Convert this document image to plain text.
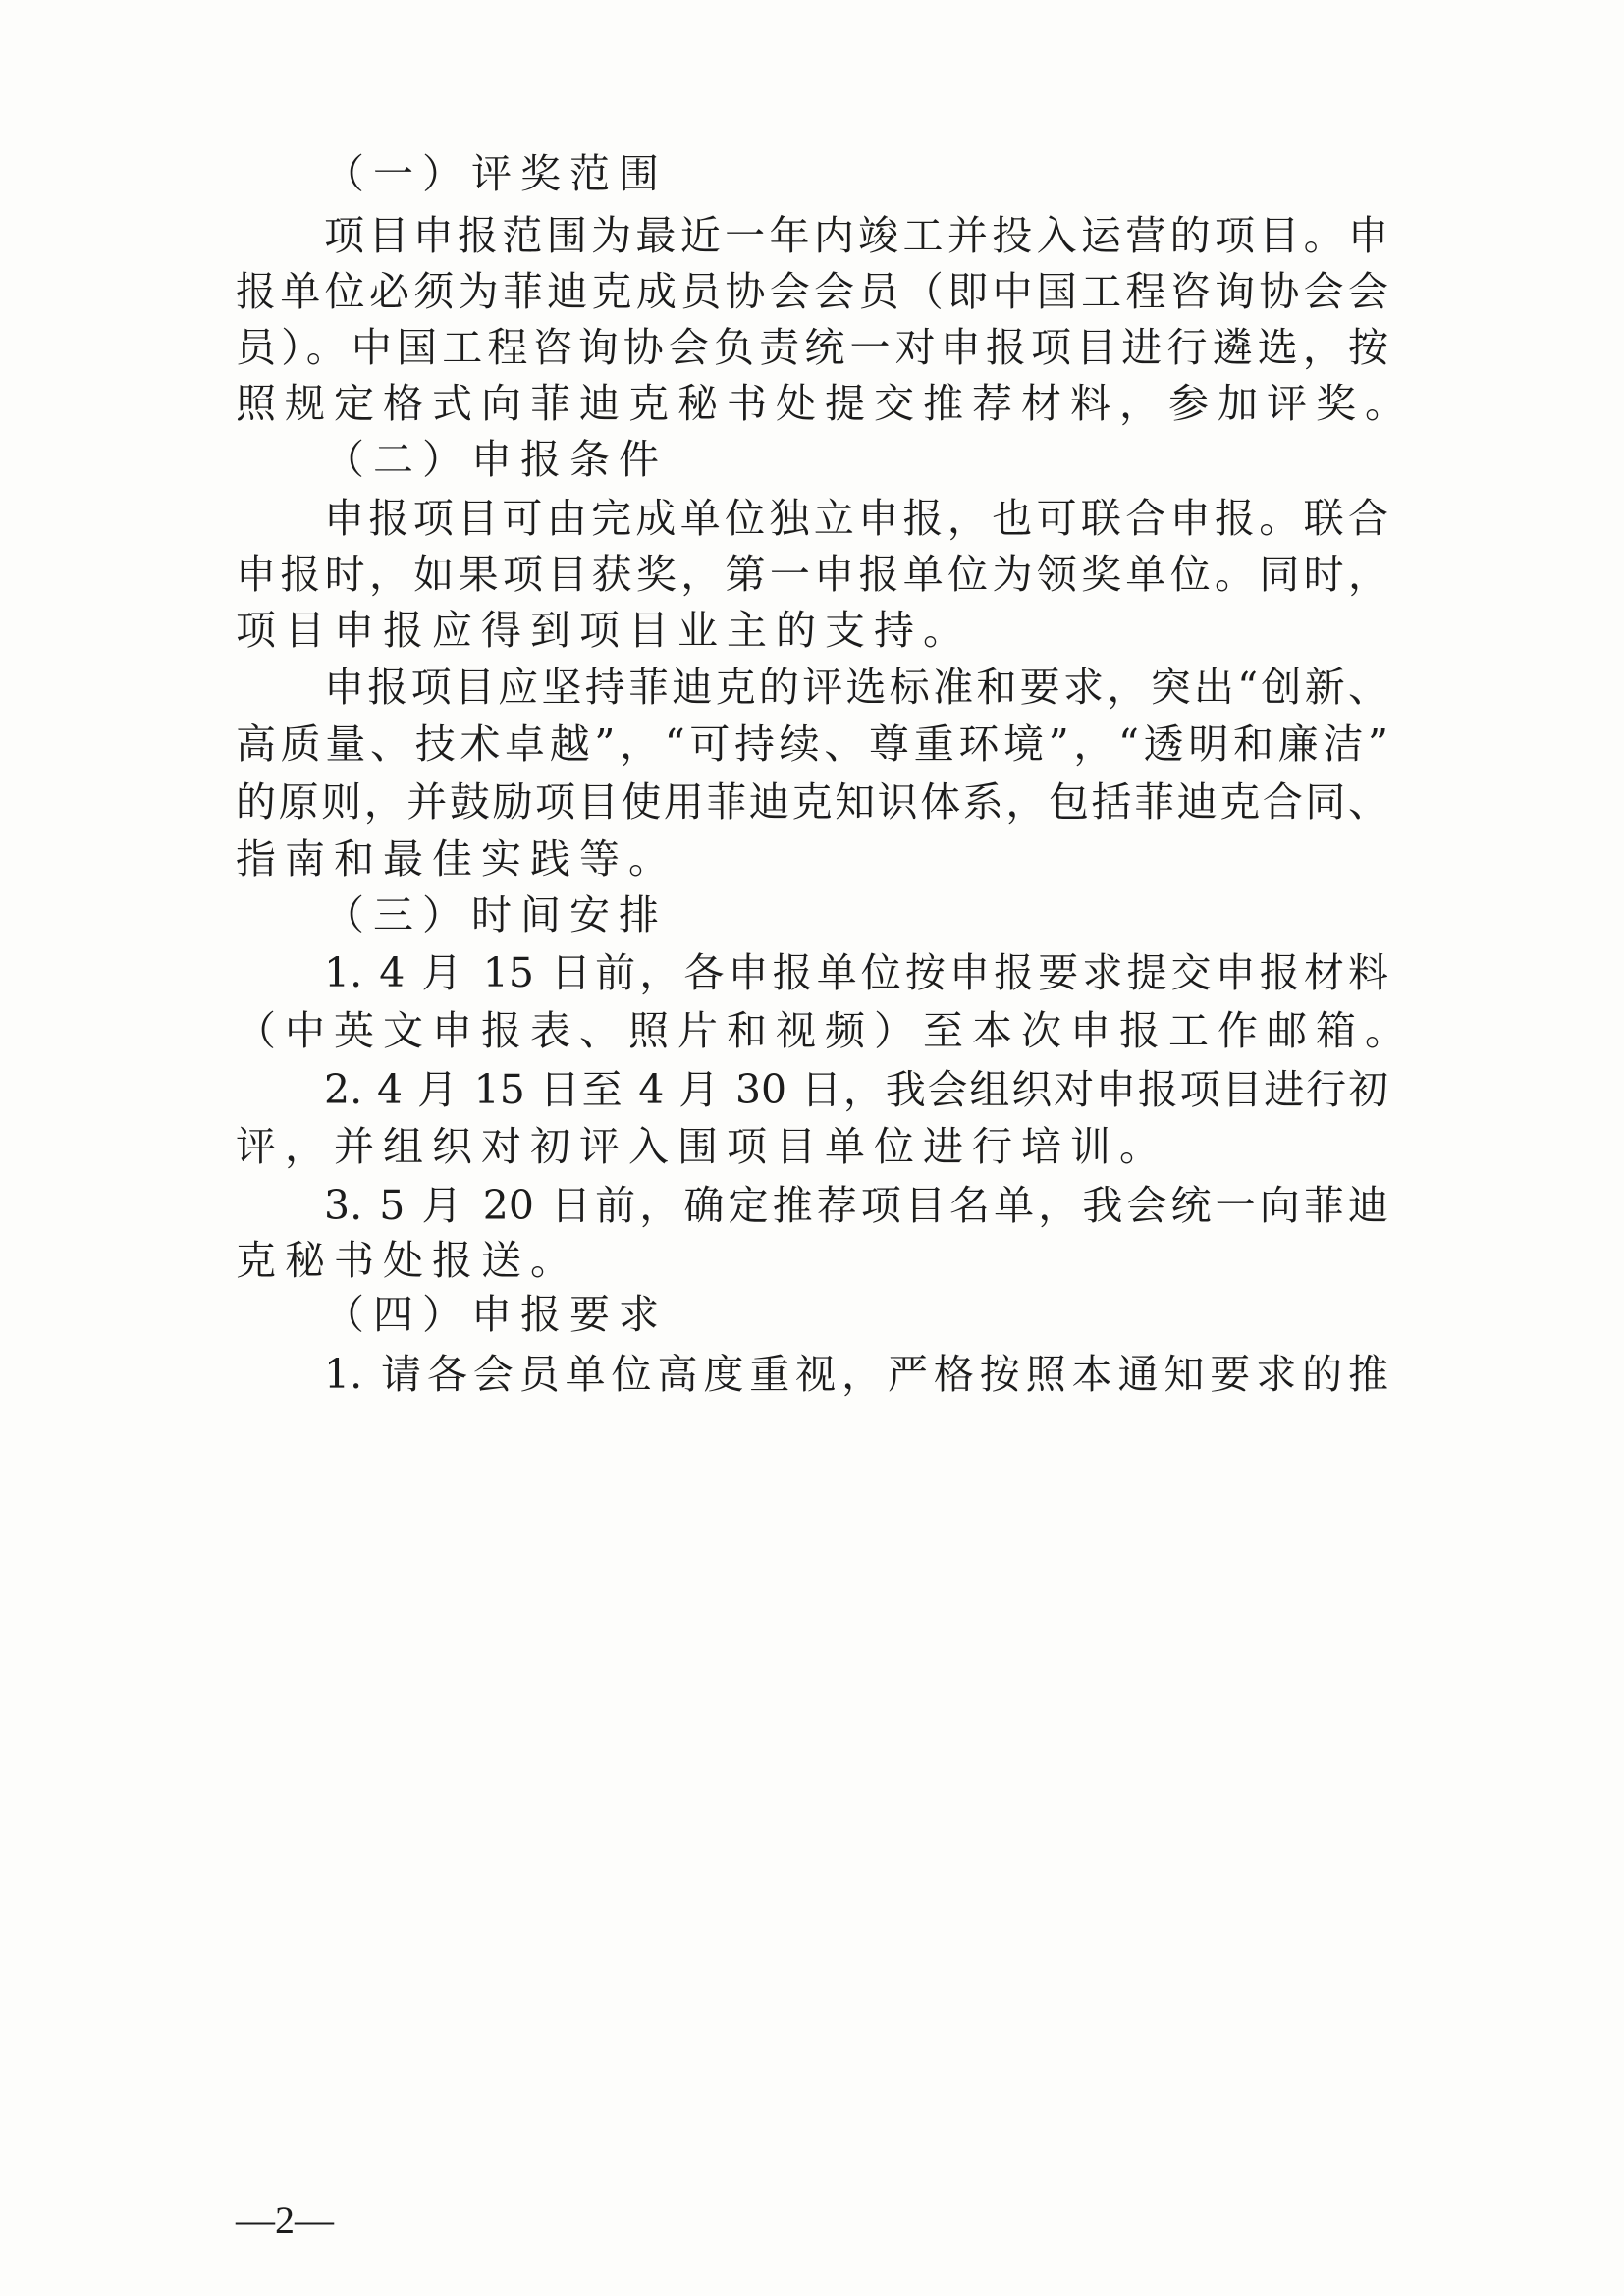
（一）评奖范围
项目申报范围为最近一年内竣工并投入运营的项目。申
报单位必须为菲迪克成员协会会员（即中国工程咨询协会会
员）。中国工程咨询协会负责统一对申报项目进行遴选，按
照规定格式向菲迪克秘书处提交推荐材料，参加评奖。
（二）申报条件
申报项目可由完成单位独立申报，也可联合申报。联合
申报时，如果项目获奖，第一申报单位为领奖单位。同时，
项目申报应得到项目业主的支持。
申报项目应坚持菲迪克的评选标准和要求，突出“创新、
高质量、技术卓越”，“可持续、尊重环境”，“透明和廉洁”
的原则，并鼓励项目使用菲迪克知识体系，包括菲迪克合同、
指南和最佳实践等。
（三）时间安排
1. 4 月 15 日前，各申报单位按申报要求提交申报材料
（中英文申报表、照片和视频）至本次申报工作邮箱。
2. 4 月 15 日至 4 月 30 日，我会组织对申报项目进行初
评，并组织对初评入围项目单位进行培训。
3. 5 月 20 日前，确定推荐项目名单，我会统一向菲迪
克秘书处报送。
（四）申报要求
1. 请各会员单位高度重视，严格按照本通知要求的推
—2—
